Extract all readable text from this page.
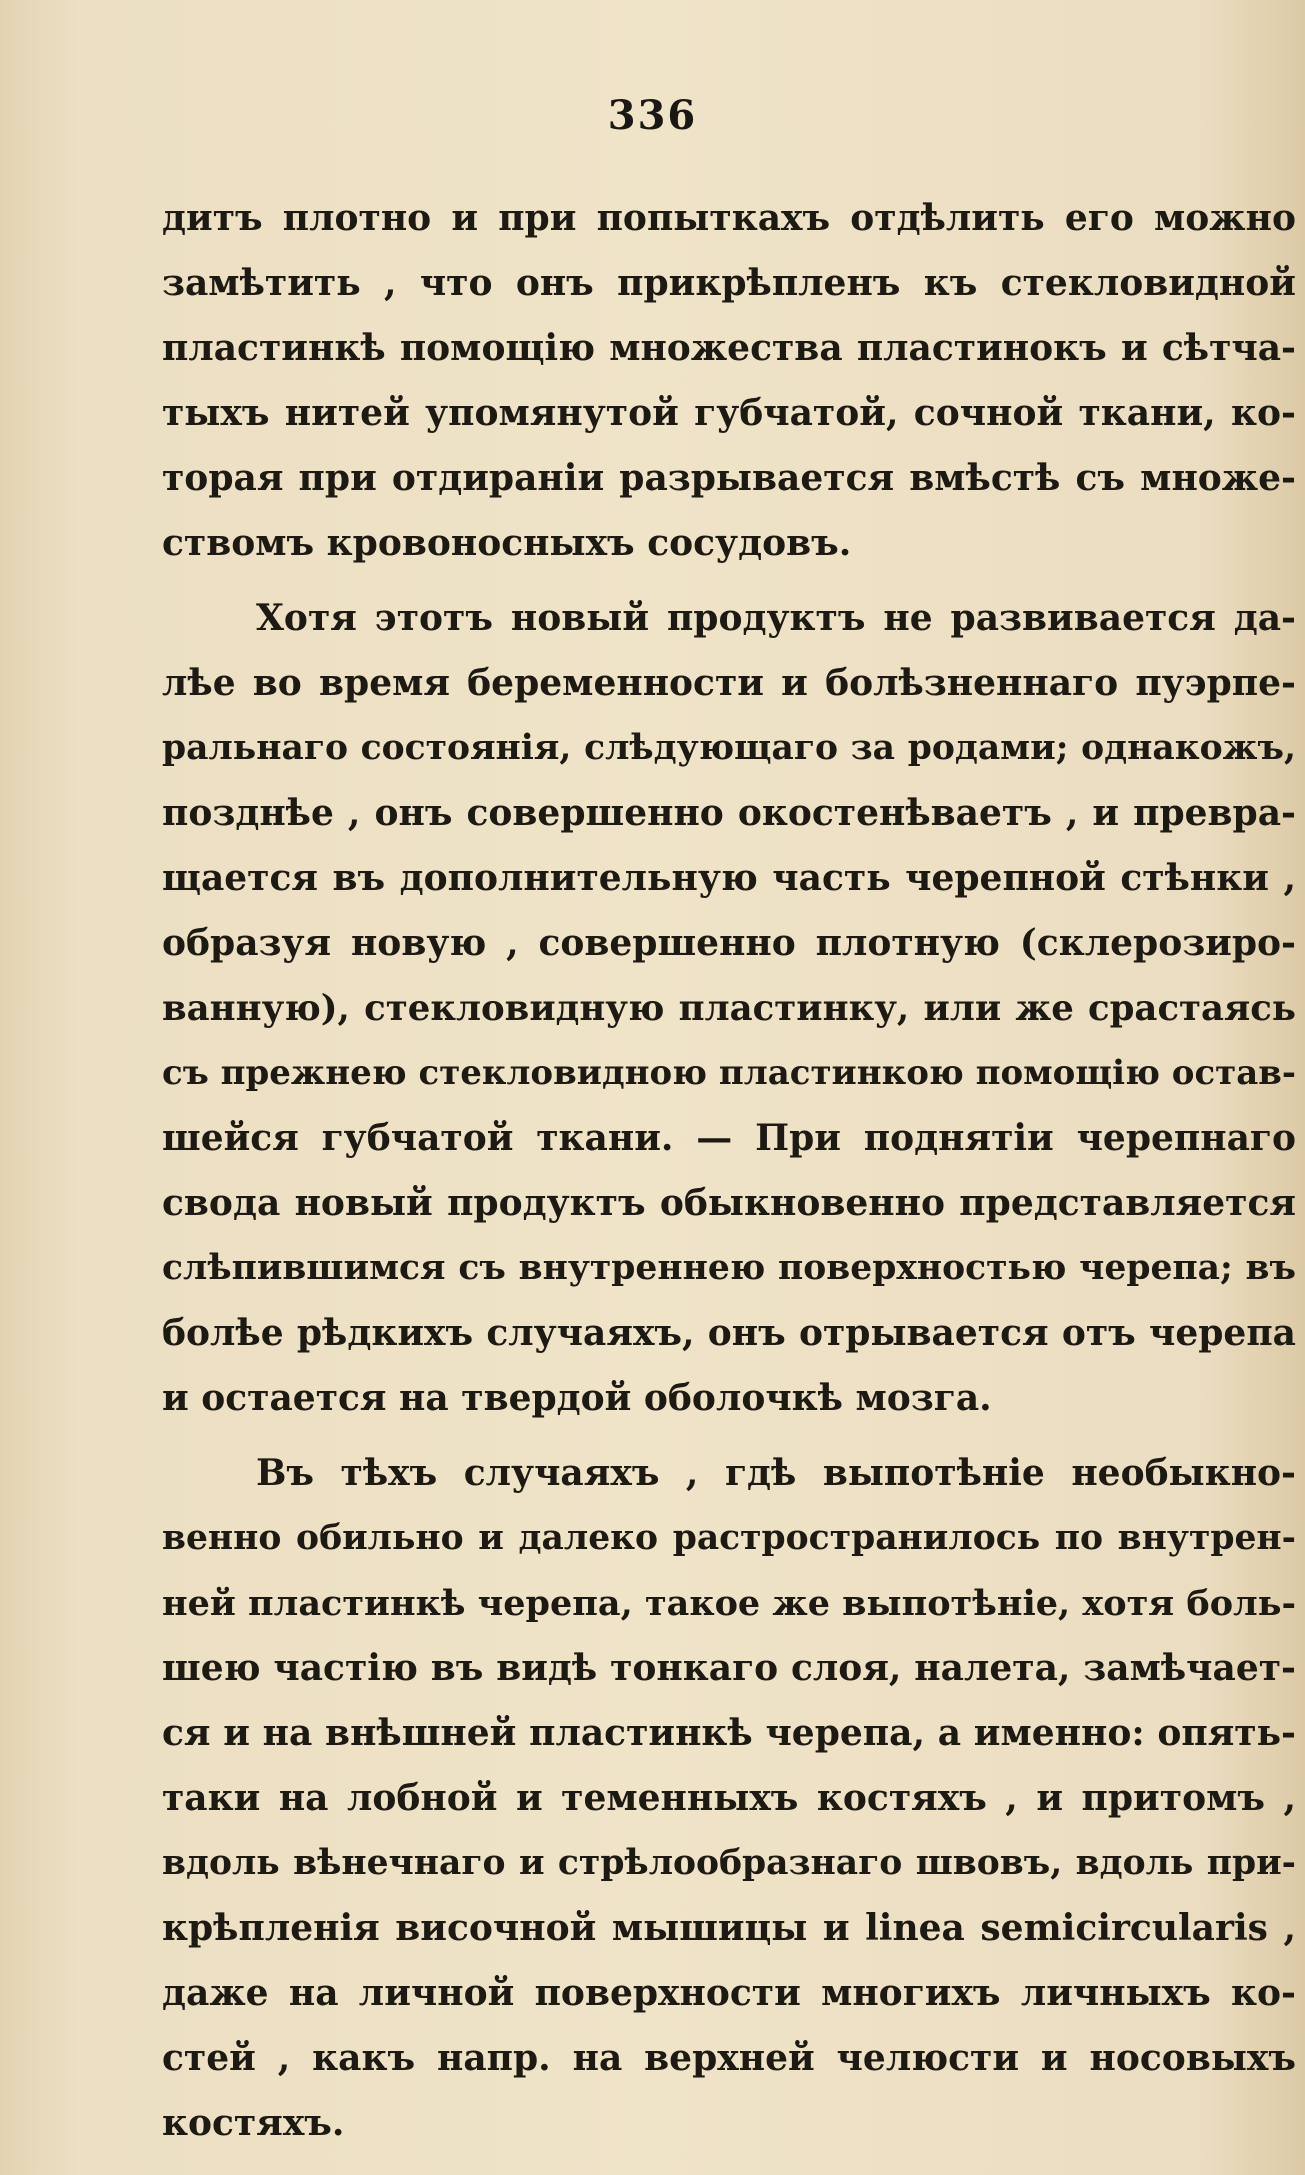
336
дитъ плотно и при попыткахъ отдѣлить его можно
замѣтить , что онъ прикрѣпленъ къ стекловидной
пластинкѣ помощію множества пластинокъ и сѣтча-
тыхъ нитей упомянутой губчатой, сочной ткани, ко-
торая при отдираніи разрывается вмѣстѣ съ множе-
ствомъ кровоносныхъ сосудовъ.
Хотя этотъ новый продуктъ не развивается да-
лѣе во время беременности и болѣзненнаго пуэрпе-
ральнаго состоянія, слѣдующаго за родами; однакожъ,
позднѣе , онъ совершенно окостенѣваетъ , и превра-
щается въ дополнительную часть черепной стѣнки ,
образуя новую , совершенно плотную (склерозиро-
ванную), стекловидную пластинку, или же срастаясь
съ прежнею стекловидною пластинкою помощію остав-
шейся губчатой ткани. — При поднятіи черепнаго
свода новый продуктъ обыкновенно представляется
слѣпившимся съ внутреннею поверхностью черепа; въ
болѣе рѣдкихъ случаяхъ, онъ отрывается отъ черепа
и остается на твердой оболочкѣ мозга.
Въ тѣхъ случаяхъ , гдѣ выпотѣніе необыкно-
венно обильно и далеко растространилось по внутрен-
ней пластинкѣ черепа, такое же выпотѣніе, хотя боль-
шею частію въ видѣ тонкаго слоя, налета, замѣчает-
ся и на внѣшней пластинкѣ черепа, а именно: опять-
таки на лобной и теменныхъ костяхъ , и притомъ ,
вдоль вѣнечнаго и стрѣлообразнаго швовъ, вдоль при-
крѣпленія височной мышицы и linea semicircularis ,
даже на личной поверхности многихъ личныхъ ко-
стей , какъ напр. на верхней челюсти и носовыхъ
костяхъ.
